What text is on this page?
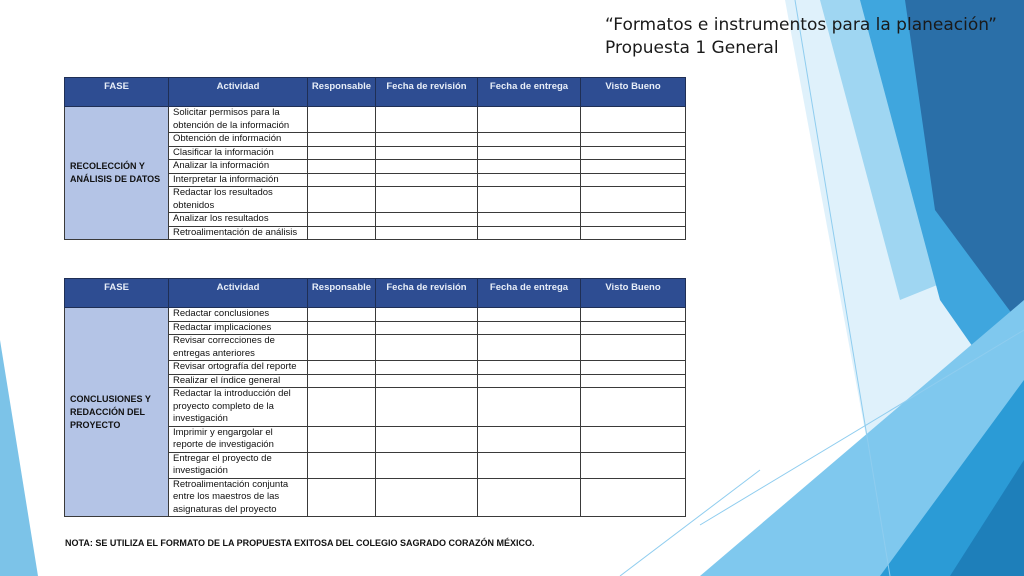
“Formatos e instrumentos para la planeación”
Propuesta 1 General
FASE	Actividad	Responsable	Fecha de revisión	Fecha de entrega	Visto Bueno

RECOLECCIÓN Y
ANÁLISIS DE DATOS	Solicitar permisos para la obtención de la información				
	Obtención de información				
	Clasificar la información				
	Analizar la información				
	Interpretar la información				
	Redactar los resultados obtenidos				
	Analizar los resultados				
	Retroalimentación de análisis				
FASE	Actividad	Responsable	Fecha de revisión	Fecha de entrega	Visto Bueno

CONCLUSIONES Y
REDACCIÓN DEL
PROYECTO	Redactar conclusiones				
	Redactar implicaciones				
	Revisar correcciones de entregas anteriores				
	Revisar ortografía del reporte				
	Realizar el índice general				
	Redactar la introducción del proyecto completo de la investigación				
	Imprimir y engargolar el reporte de investigación				
	Entregar el proyecto de investigación				
	Retroalimentación conjunta entre los maestros de las asignaturas del proyecto				
NOTA: SE UTILIZA EL FORMATO DE LA PROPUESTA EXITOSA DEL COLEGIO SAGRADO CORAZÓN MÉXICO.
